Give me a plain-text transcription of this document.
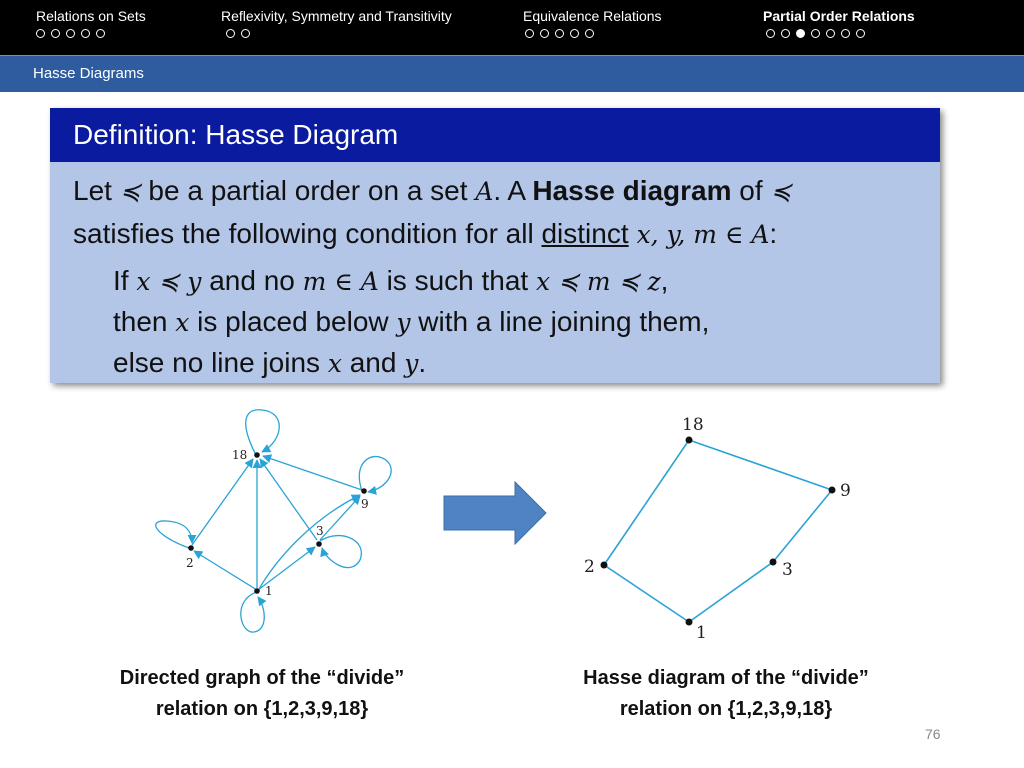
Relations on Sets	Reflexivity, Symmetry and Transitivity	Equivalence Relations	Partial Order Relations
Hasse Diagrams
Definition: Hasse Diagram
Let ≼ be a partial order on a set A. A Hasse diagram of ≼
satisfies the following condition for all distinct x, y, m ∈ A:
If x ≼ y and no m ∈ A is such that x ≼ m ≼ z,
then x is placed below y with a line joining them,
else no line joins x and y.
18
2
9
3
1
18
9
2	3
1
Directed graph of the “divide”
relation on {1,2,3,9,18}
Hasse diagram of the “divide”
relation on {1,2,3,9,18}
76
